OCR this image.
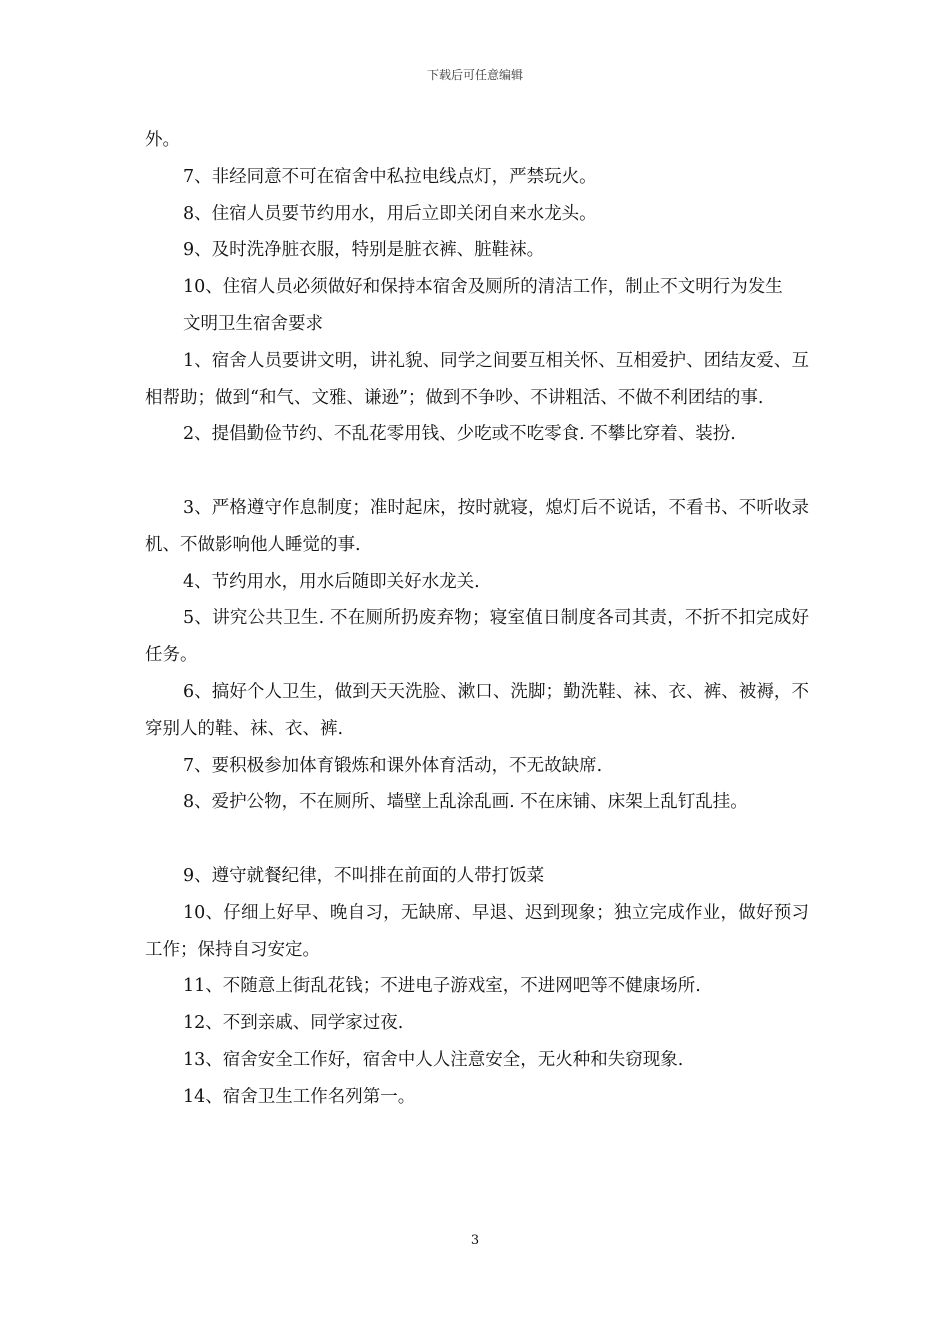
下载后可任意编辑

外。

7、非经同意不可在宿舍中私拉电线点灯，严禁玩火。

8、住宿人员要节约用水，用后立即关闭自来水龙头。

9、及时洗净脏衣服，特别是脏衣裤、脏鞋袜。

10、住宿人员必须做好和保持本宿舍及厕所的清洁工作，制止不文明行为发生

文明卫生宿舍要求

1、宿舍人员要讲文明，讲礼貌、同学之间要互相关怀、互相爱护、团结友爱、互相帮助；做到“和气、文雅、谦逊”；做到不争吵、不讲粗活、不做不利团结的事.

2、提倡勤俭节约、不乱花零用钱、少吃或不吃零食. 不攀比穿着、装扮.

3、严格遵守作息制度；准时起床，按时就寝，熄灯后不说话，不看书、不听收录机、不做影响他人睡觉的事.

4、节约用水，用水后随即关好水龙关.

5、讲究公共卫生. 不在厕所扔废弃物；寝室值日制度各司其责，不折不扣完成好任务。

6、搞好个人卫生，做到天天洗脸、漱口、洗脚；勤洗鞋、袜、衣、裤、被褥，不穿别人的鞋、袜、衣、裤.

7、要积极参加体育锻炼和课外体育活动，不无故缺席.

8、爱护公物，不在厕所、墙壁上乱涂乱画. 不在床铺、床架上乱钉乱挂。

9、遵守就餐纪律，不叫排在前面的人带打饭菜

10、仔细上好早、晚自习，无缺席、早退、迟到现象；独立完成作业，做好预习工作；保持自习安定。

11、不随意上街乱花钱；不进电子游戏室，不进网吧等不健康场所.

12、不到亲戚、同学家过夜.

13、宿舍安全工作好，宿舍中人人注意安全，无火种和失窃现象.

14、宿舍卫生工作名列第一。

3
